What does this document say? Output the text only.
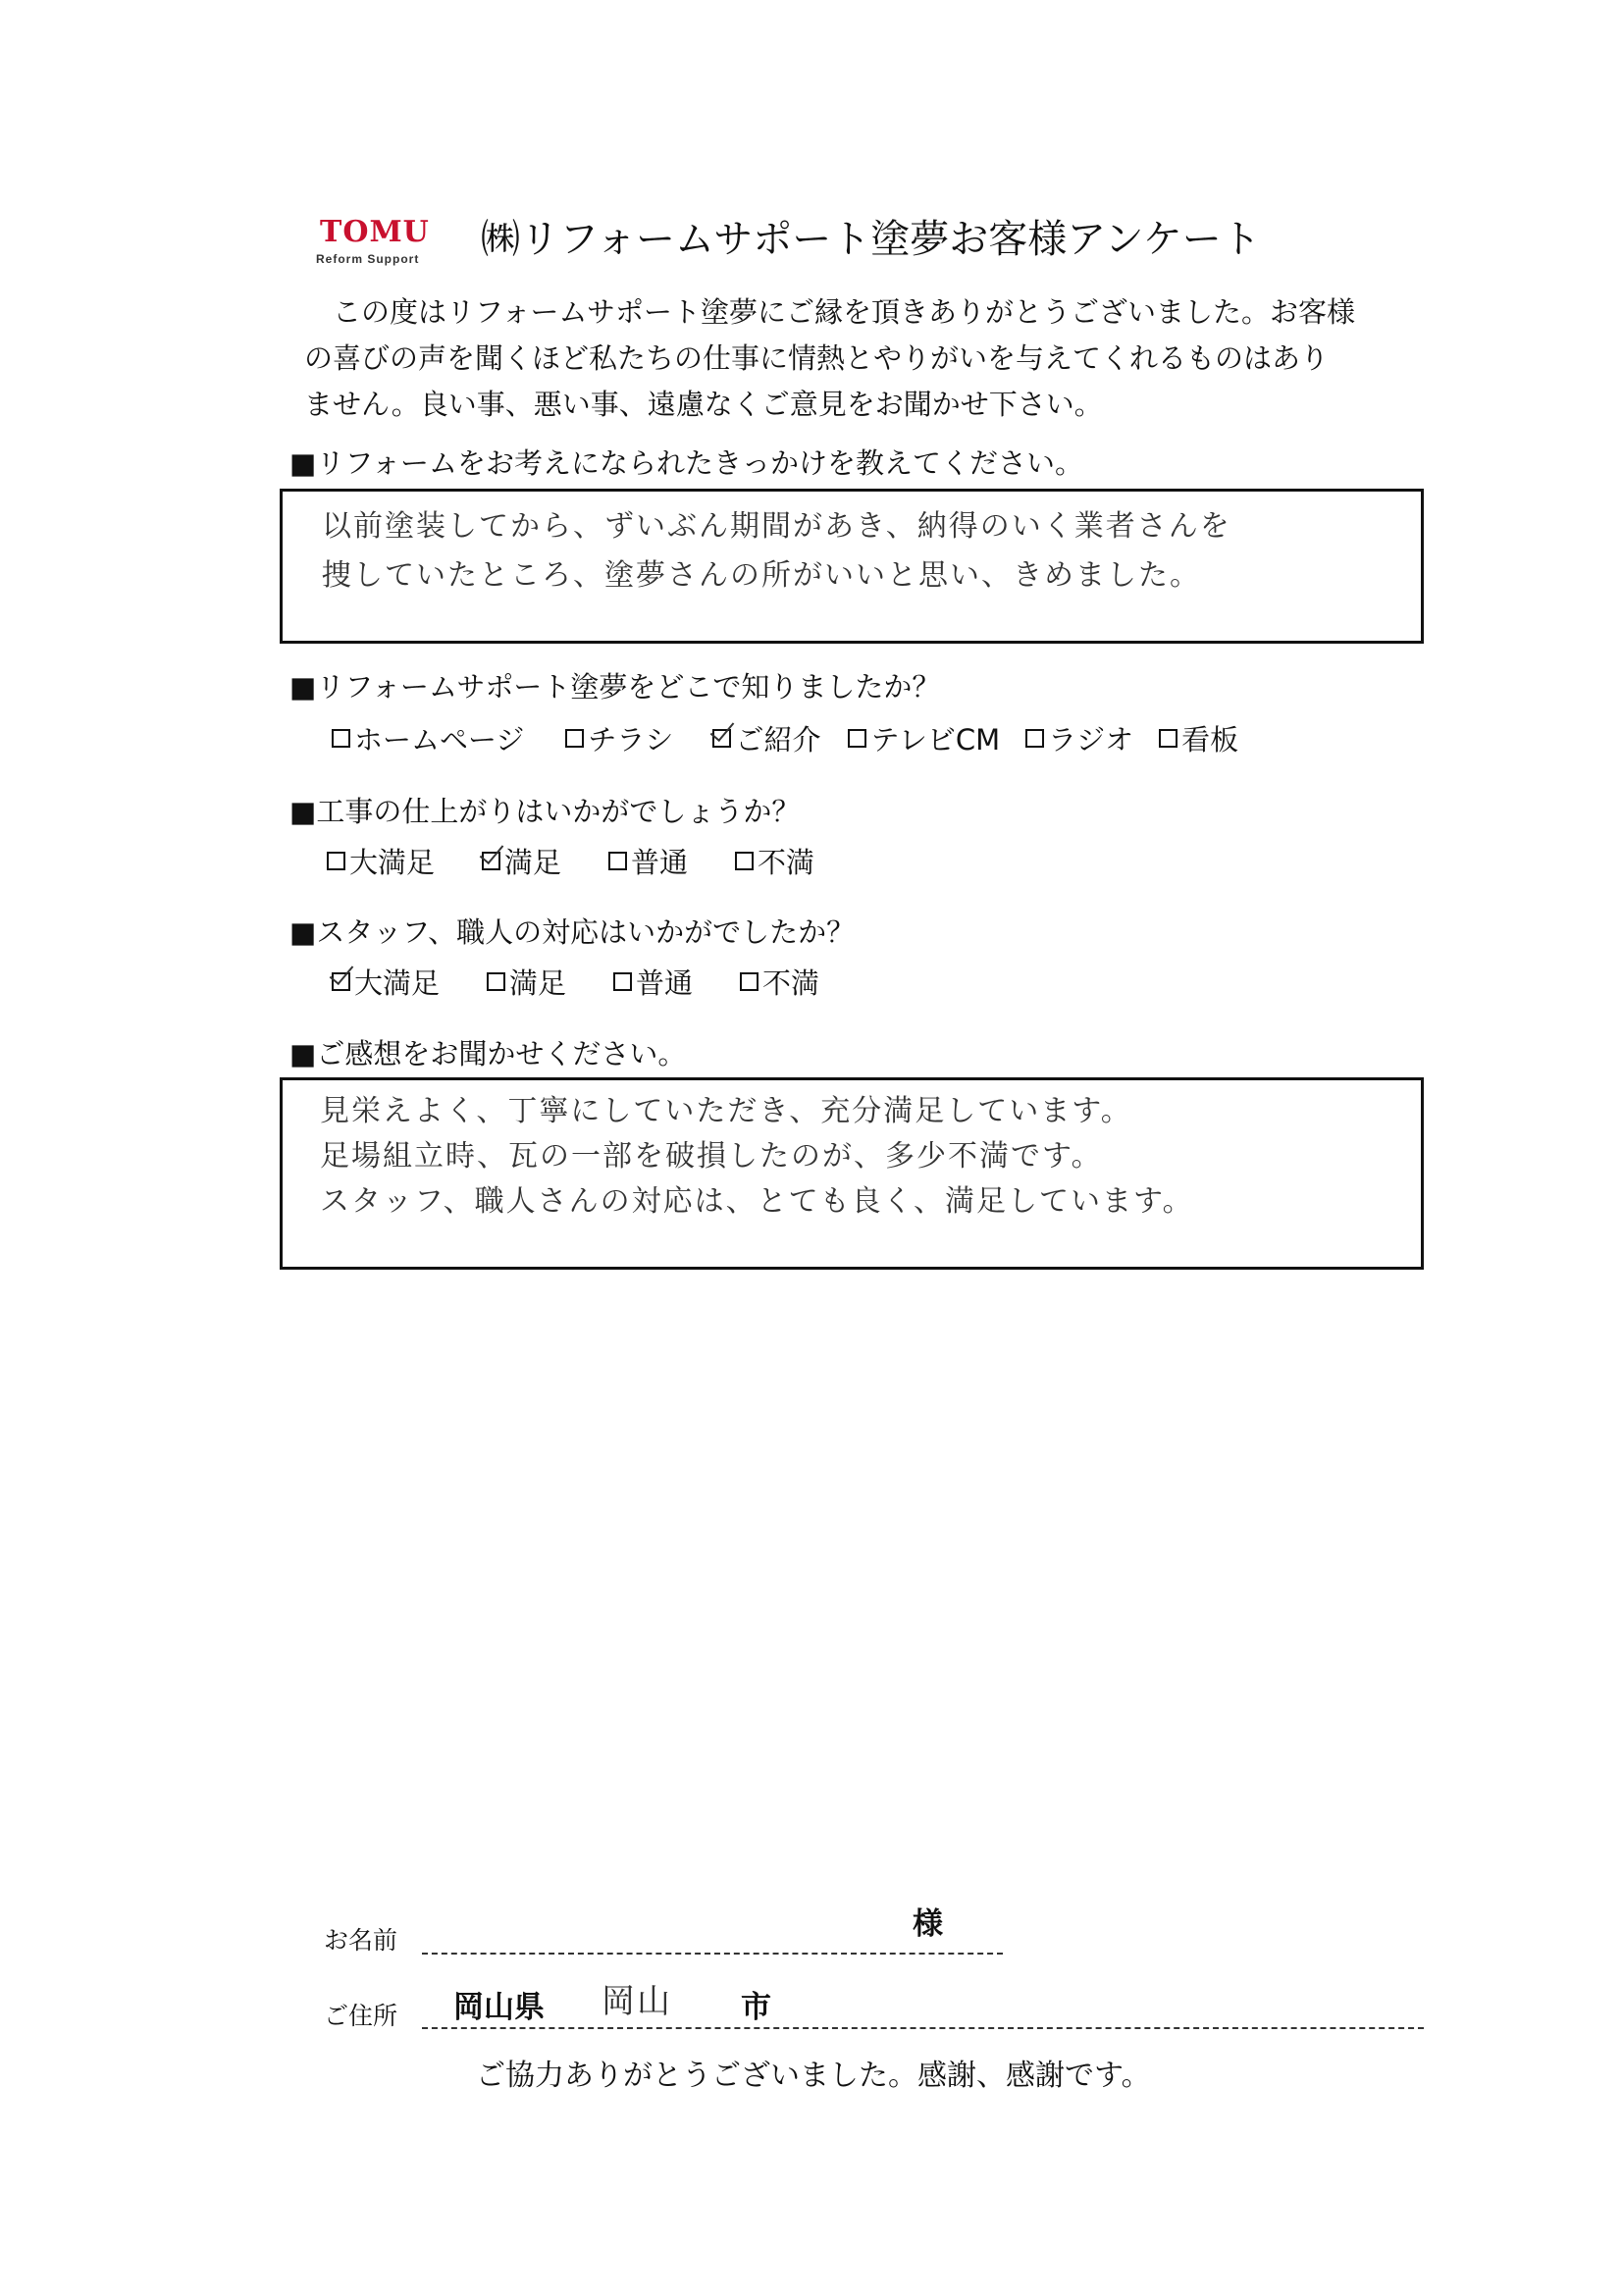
TOMU
Reform Support ㈱リフォームサポート塗夢お客様アンケート
　この度はリフォームサポート塗夢にご縁を頂きありがとうございました。お客様
の喜びの声を聞くほど私たちの仕事に情熱とやりがいを与えてくれるものはあり
ません。良い事、悪い事、遠慮なくご意見をお聞かせ下さい。
■リフォームをお考えになられたきっかけを教えてください。
以前塗装してから、ずいぶん期間があき、納得のいく業者さんを
捜していたところ、塗夢さんの所がいいと思い、きめました。
■リフォームサポート塗夢をどこで知りましたか？
ホームページ チラシ ご紹介 テレビCM ラジオ 看板
■工事の仕上がりはいかがでしょうか？
大満足 満足 普通 不満
■スタッフ、職人の対応はいかがでしたか？
大満足 満足 普通 不満
■ご感想をお聞かせください。
見栄えよく、丁寧にしていただき、充分満足しています。
足場組立時、瓦の一部を破損したのが、多少不満です。
スタッフ、職人さんの対応は、とても良く、満足しています。
お名前	様
ご住所 岡山県 岡山 市
ご協力ありがとうございました。感謝、感謝です。
